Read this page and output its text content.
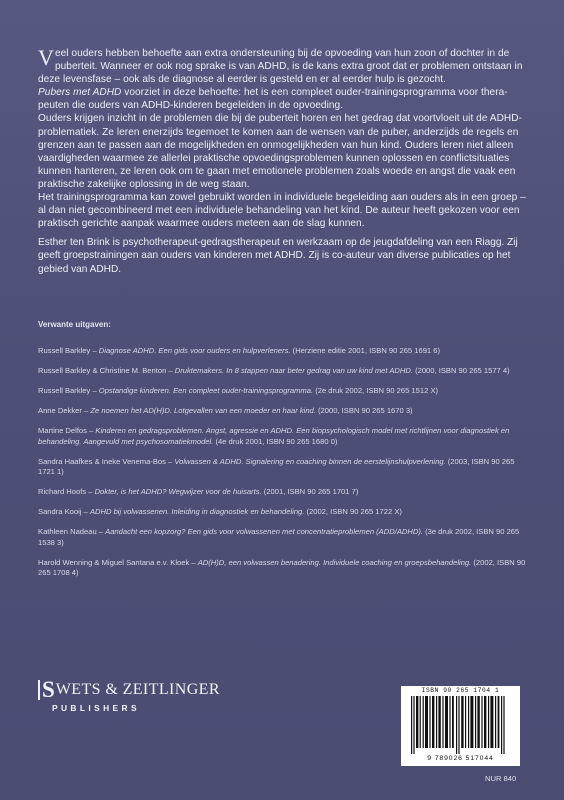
Veel ouders hebben behoefte aan extra ondersteuning bij de opvoeding van hun zoon of dochter in de puberteit. Wanneer er ook nog sprake is van ADHD, is de kans extra groot dat er problemen ontstaan in deze levensfase – ook als de diagnose al eerder is gesteld en er al eerder hulp is gezocht.

Pubers met ADHD voorziet in deze behoefte: het is een compleet ouder-trainingsprogramma voor therapeuten die ouders van ADHD-kinderen begeleiden in de opvoeding.

Ouders krijgen inzicht in de problemen die bij de puberteit horen en het gedrag dat voortvloeit uit de ADHD-problematiek. Ze leren enerzijds tegemoet te komen aan de wensen van de puber, anderzijds de regels en grenzen aan te passen aan de mogelijkheden en onmogelijkheden van hun kind. Ouders leren niet alleen vaardigheden waarmee ze allerlei praktische opvoedingsproblemen kunnen oplossen en conflictsituaties kunnen hanteren, ze leren ook om te gaan met emotionele problemen zoals woede en angst die vaak een praktische zakelijke oplossing in de weg staan.

Het trainingsprogramma kan zowel gebruikt worden in individuele begeleiding aan ouders als in een groep – al dan niet gecombineerd met een individuele behandeling van het kind. De auteur heeft gekozen voor een praktisch gerichte aanpak waarmee ouders meteen aan de slag kunnen.

Esther ten Brink is psychotherapeut-gedragstherapeut en werkzaam op de jeugdafdeling van een Riagg. Zij geeft groepstrainingen aan ouders van kinderen met ADHD. Zij is co-auteur van diverse publicaties op het gebied van ADHD.
Verwante uitgaven:
Russell Barkley – Diagnose ADHD. Een gids voor ouders en hulpverleners. (Herziene editie 2001, ISBN 90 265 1691 6)
Russell Barkley & Christine M. Benton – Druktemakers. In 8 stappen naar beter gedrag van uw kind met ADHD. (2000, ISBN 90 265 1577 4)
Russell Barkley – Opstandige kinderen. Een compleet ouder-trainingsprogramma. (2e druk 2002, ISBN 90 265 1512 X)
Anne Dekker – Ze noemen het AD(H)D. Lotgevallen van een moeder en haar kind. (2000, ISBN 90 265 1670 3)
Martine Delfos – Kinderen en gedragsproblemen. Angst, agressie en ADHD. Een biopsychologisch model met richtlijnen voor diagnostiek en behandeling. Aangevuld met psychosomatiekmodel. (4e druk 2001, ISBN 90 265 1680 0)
Sandra Haafkes & Ineke Venema-Bos – Volwassen & ADHD. Signalering en coaching binnen de eerstelijnshulpverlening. (2003, ISBN 90 265 1721 1)
Richard Hoofs – Dokter, is het ADHD? Wegwijzer voor de huisarts. (2001, ISBN 90 265 1701 7)
Sandra Kooij – ADHD bij volwassenen. Inleiding in diagnostiek en behandeling. (2002, ISBN 90 265 1722 X)
Kathleen Nadeau – Aandacht een kopzorg? Een gids voor volwassenen met concentratieproblemen (ADD/ADHD). (3e druk 2002, ISBN 90 265 1538 3)
Harold Wenning & Miguel Santana e.v. Kloek – AD(H)D, een volwassen benadering. Individuele coaching en groepsbehandeling. (2002, ISBN 90 265 1708 4)
S WETS & ZEITLINGER
PUBLISHERS
ISBN 90 265 1704 1
9 789026 517044
NUR 840
